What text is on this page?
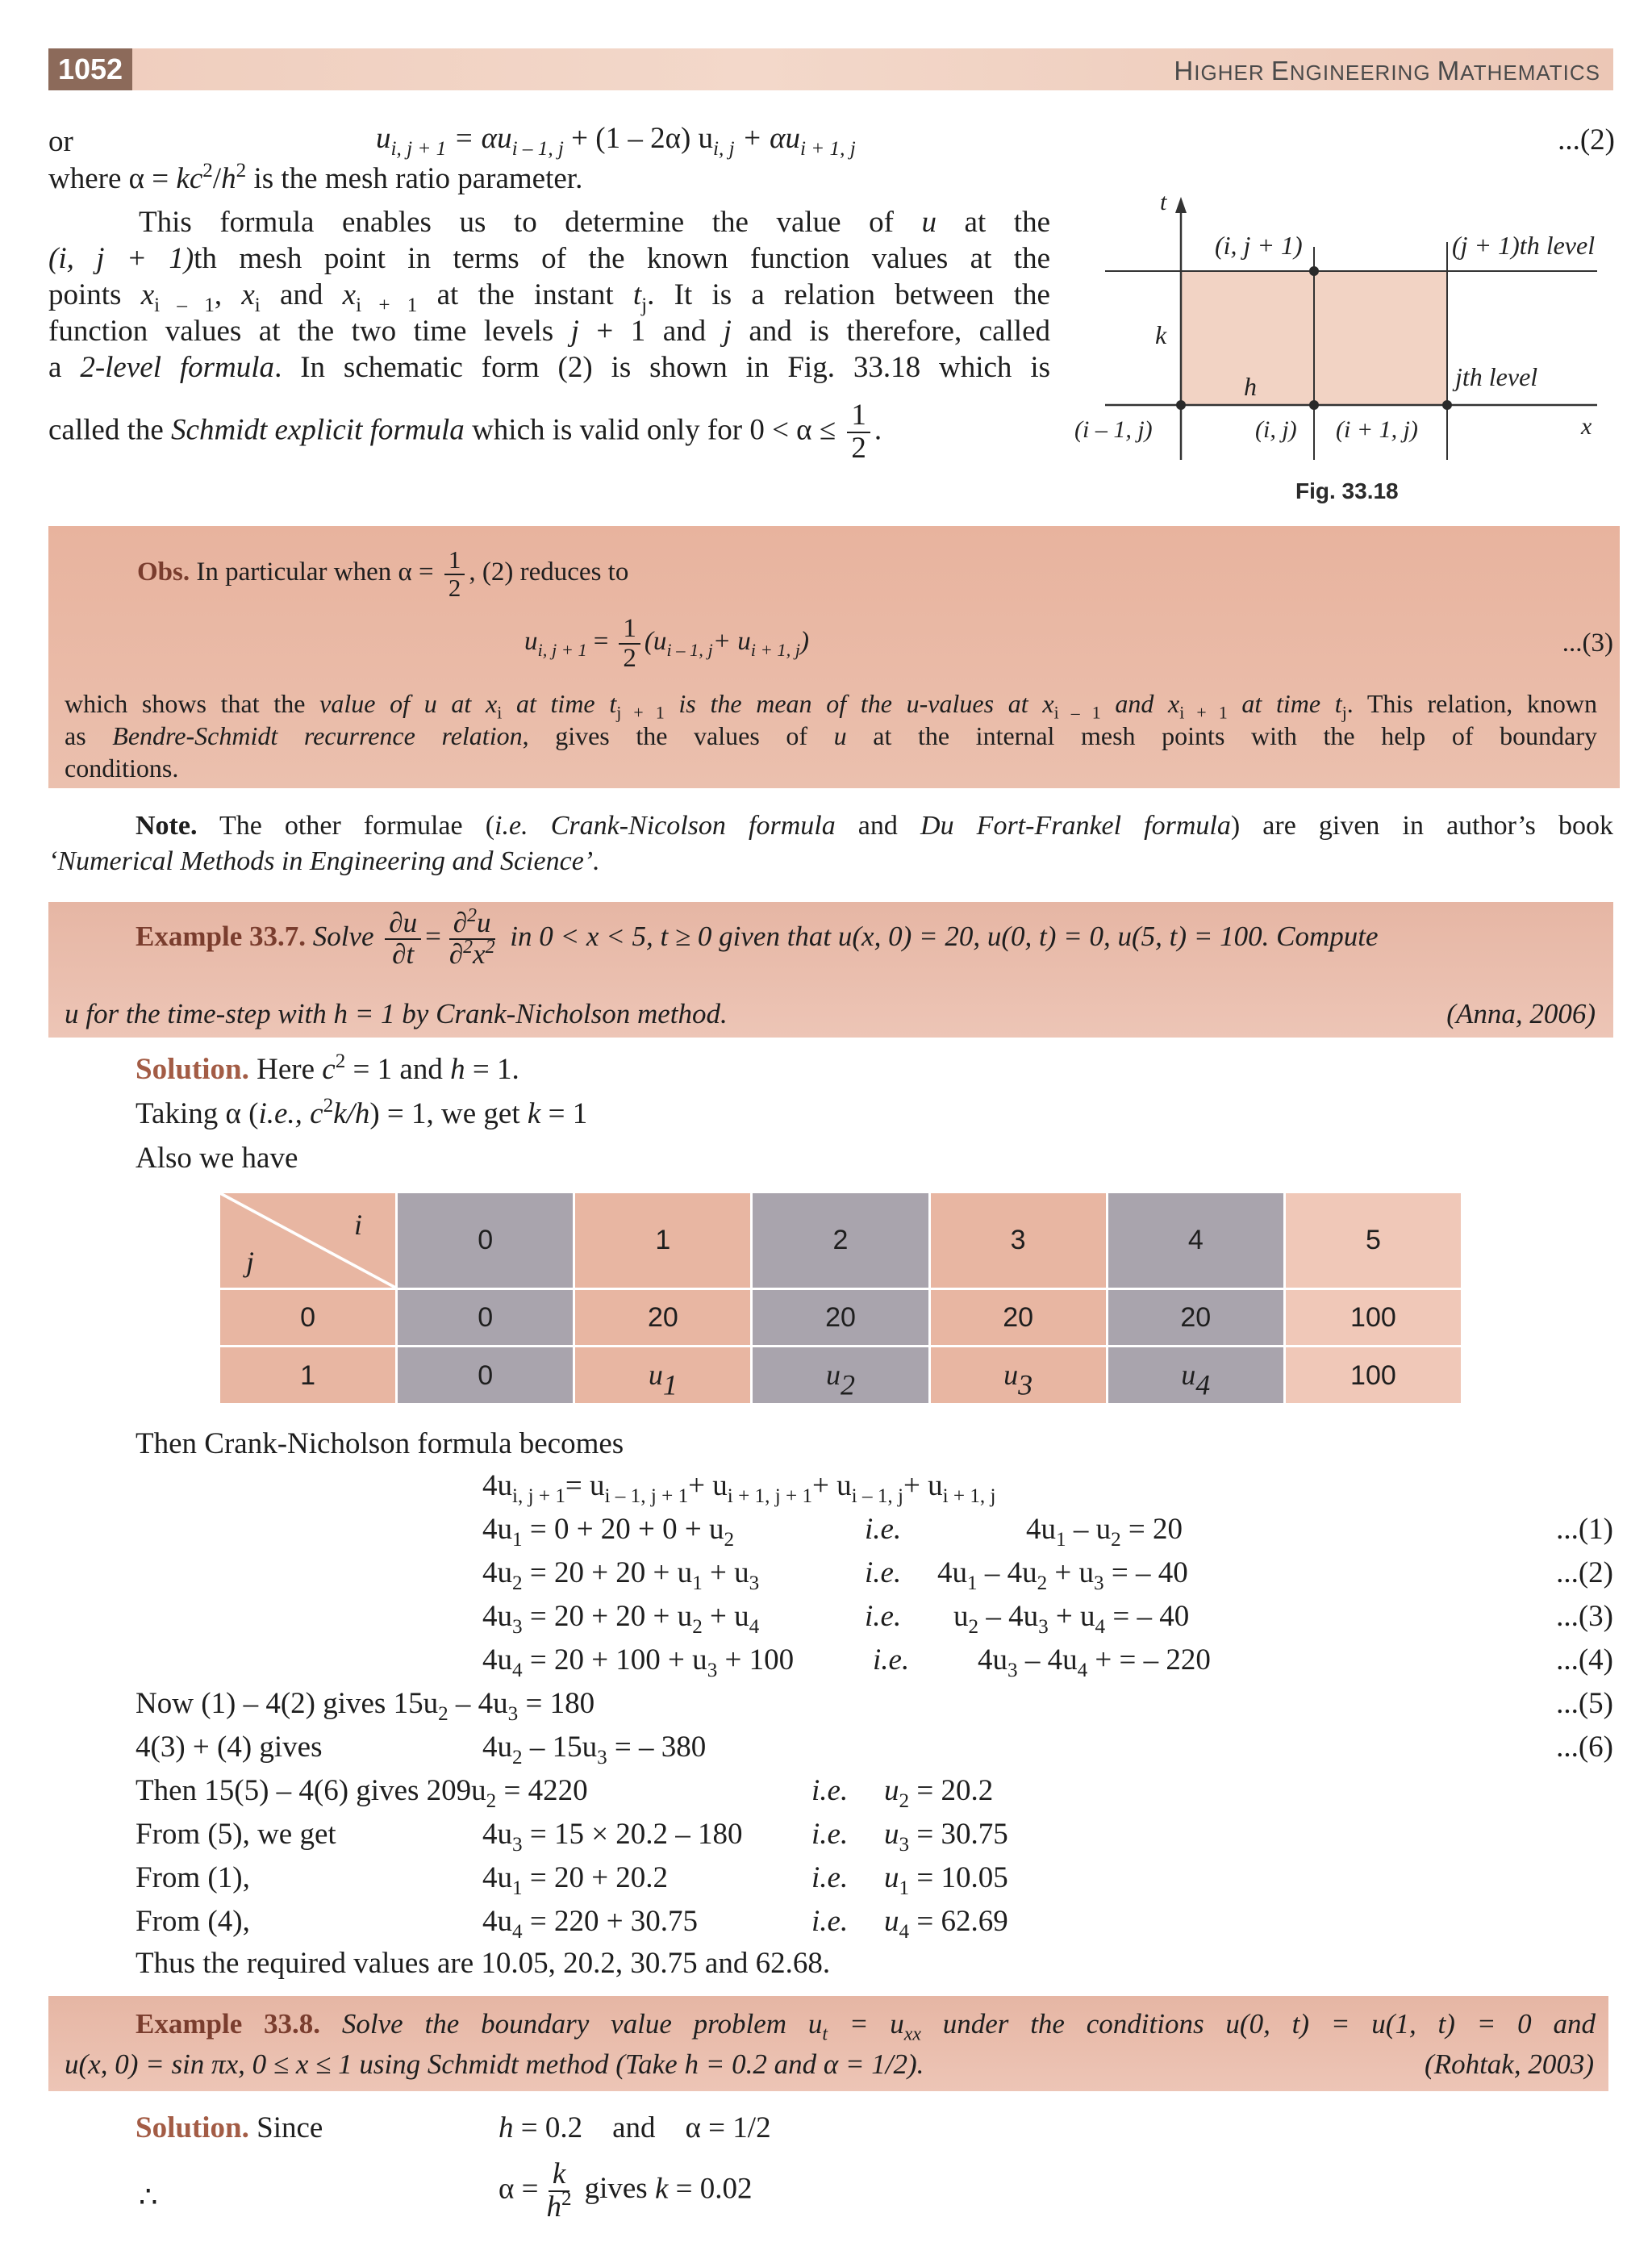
1052	HIGHER ENGINEERING MATHEMATICS
or	$u_{i, j + 1} = \alpha u_{i - 1, j} + (1 - 2\alpha) u_{i, j} + \alpha u_{i + 1, j}$	...(2)
where $\alpha = kc^2/h^2$ is the mesh ratio parameter.
This formula enables us to determine the value of u at the
(i, j + 1)th mesh point in terms of the known function values at the
points $x_{i - 1}$, $x_i$ and $x_{i + 1}$ at the instant $t_j$. It is a relation between the
function values at the two time levels j + 1 and j and is therefore, called
a 2-level formula. In schematic form (2) is shown in Fig. 33.18 which is
called the Schmidt explicit formula which is valid only for $0 < \alpha \le \frac{1}{2}$ .
t
x
k
h
(i, j + 1)	(j + 1)th level
jth level
(i – 1, j)	(i, j) (i + 1, j)
Fig. 33.18
Obs. In particular when $\alpha = \frac{1}{2}$ , (2) reduces to
$u_{i, j + 1} = \frac{1}{2} (u_{i - 1, j}+ u_{i + 1, j})$	...(3)
which shows that the value of u at $x_i$ at time $t_{j + 1}$ is the mean of the u-values at $x_{i - 1}$ and $x_{i + 1}$ at time $t_j$. This relation, known
as Bendre-Schmidt recurrence relation, gives the values of u at the internal mesh points with the help of boundary
conditions.
Note. The other formulae (i.e. Crank-Nicolson formula and Du Fort-Frankel formula) are given in author’s book
‘Numerical Methods in Engineering and Science’.
Example 33.7. Solve $\frac{\partial u}{\partial t} = \frac{\partial^2u}{\partial^2x^2}$ in 0 < x < 5, t ≥ 0 given that u(x, 0) = 20, u(0, t) = 0, u(5, t) = 100. Compute
u for the time-step with h = 1 by Crank-Nicholson method.	(Anna, 2006)
Solution. Here $c^2 = 1$ and h = 1.
Taking α (i.e., $c^2k/h) = 1$, we get k = 1
Also we have
i
j	0	1	2	3	4	5
0	0	20	20	20	20	100
1	0	$u_1$	$u_2$	$u_3$	$u_4$	100
Then Crank-Nicholson formula becomes
$4u_{i, j + 1}= u_{i - 1, j + 1}+ u_{i + 1, j + 1}+ u_{i - 1, j}+ u_{i + 1, j}$
$4u_1 = 0 + 20 + 0 + u_2$	i.e.	$4u_1 - u_2 = 20$	...(1)
$4u_2 = 20 + 20 + u_1 + u_3$	i.e. $4u_1 - 4u_2 + u_3$ = – 40	...(2)
$4u_3 = 20 + 20 + u_2 + u_4$	i.e. $u_2 - 4u_3 + u_4$ = – 40	...(3)
$4u_4 = 20 + 100 + u_3 + 100$	i.e. $4u_3 - 4u_4$ + = – 220	...(4)
Now (1) – 4(2) gives $15u_2 - 4u_3 = 180$	...(5)
4(3) + (4) gives	$4u_2 - 15u_3$ = – 380	...(6)
Then 15(5) – 4(6) gives $209u_2 = 4220$	i.e. $u_2 = 20.2$
From (5), we get	$4u_3 = 15 \times 20.2 - 180$ i.e. $u_3 = 30.75$
From (1),	$4u_1 = 20 + 20.2$	i.e. $u_1 = 10.05$
From (4),	$4u_4 = 220 + 30.75$	i.e. $u_4 = 62.69$
Thus the required values are 10.05, 20.2, 30.75 and 62.68.
Example 33.8. Solve the boundary value problem $u_t = u_{xx}$ under the conditions u(0, t) = u(1, t) = 0 and
u(x, 0) = sin πx, 0 ≤ x ≤ 1 using Schmidt method (Take h = 0.2 and α = 1/2).	(Rohtak, 2003)
Solution. Since	h = 0.2    and    α = 1/2
∴	$\alpha = \frac{k}{h^2}$ gives k = 0.02
